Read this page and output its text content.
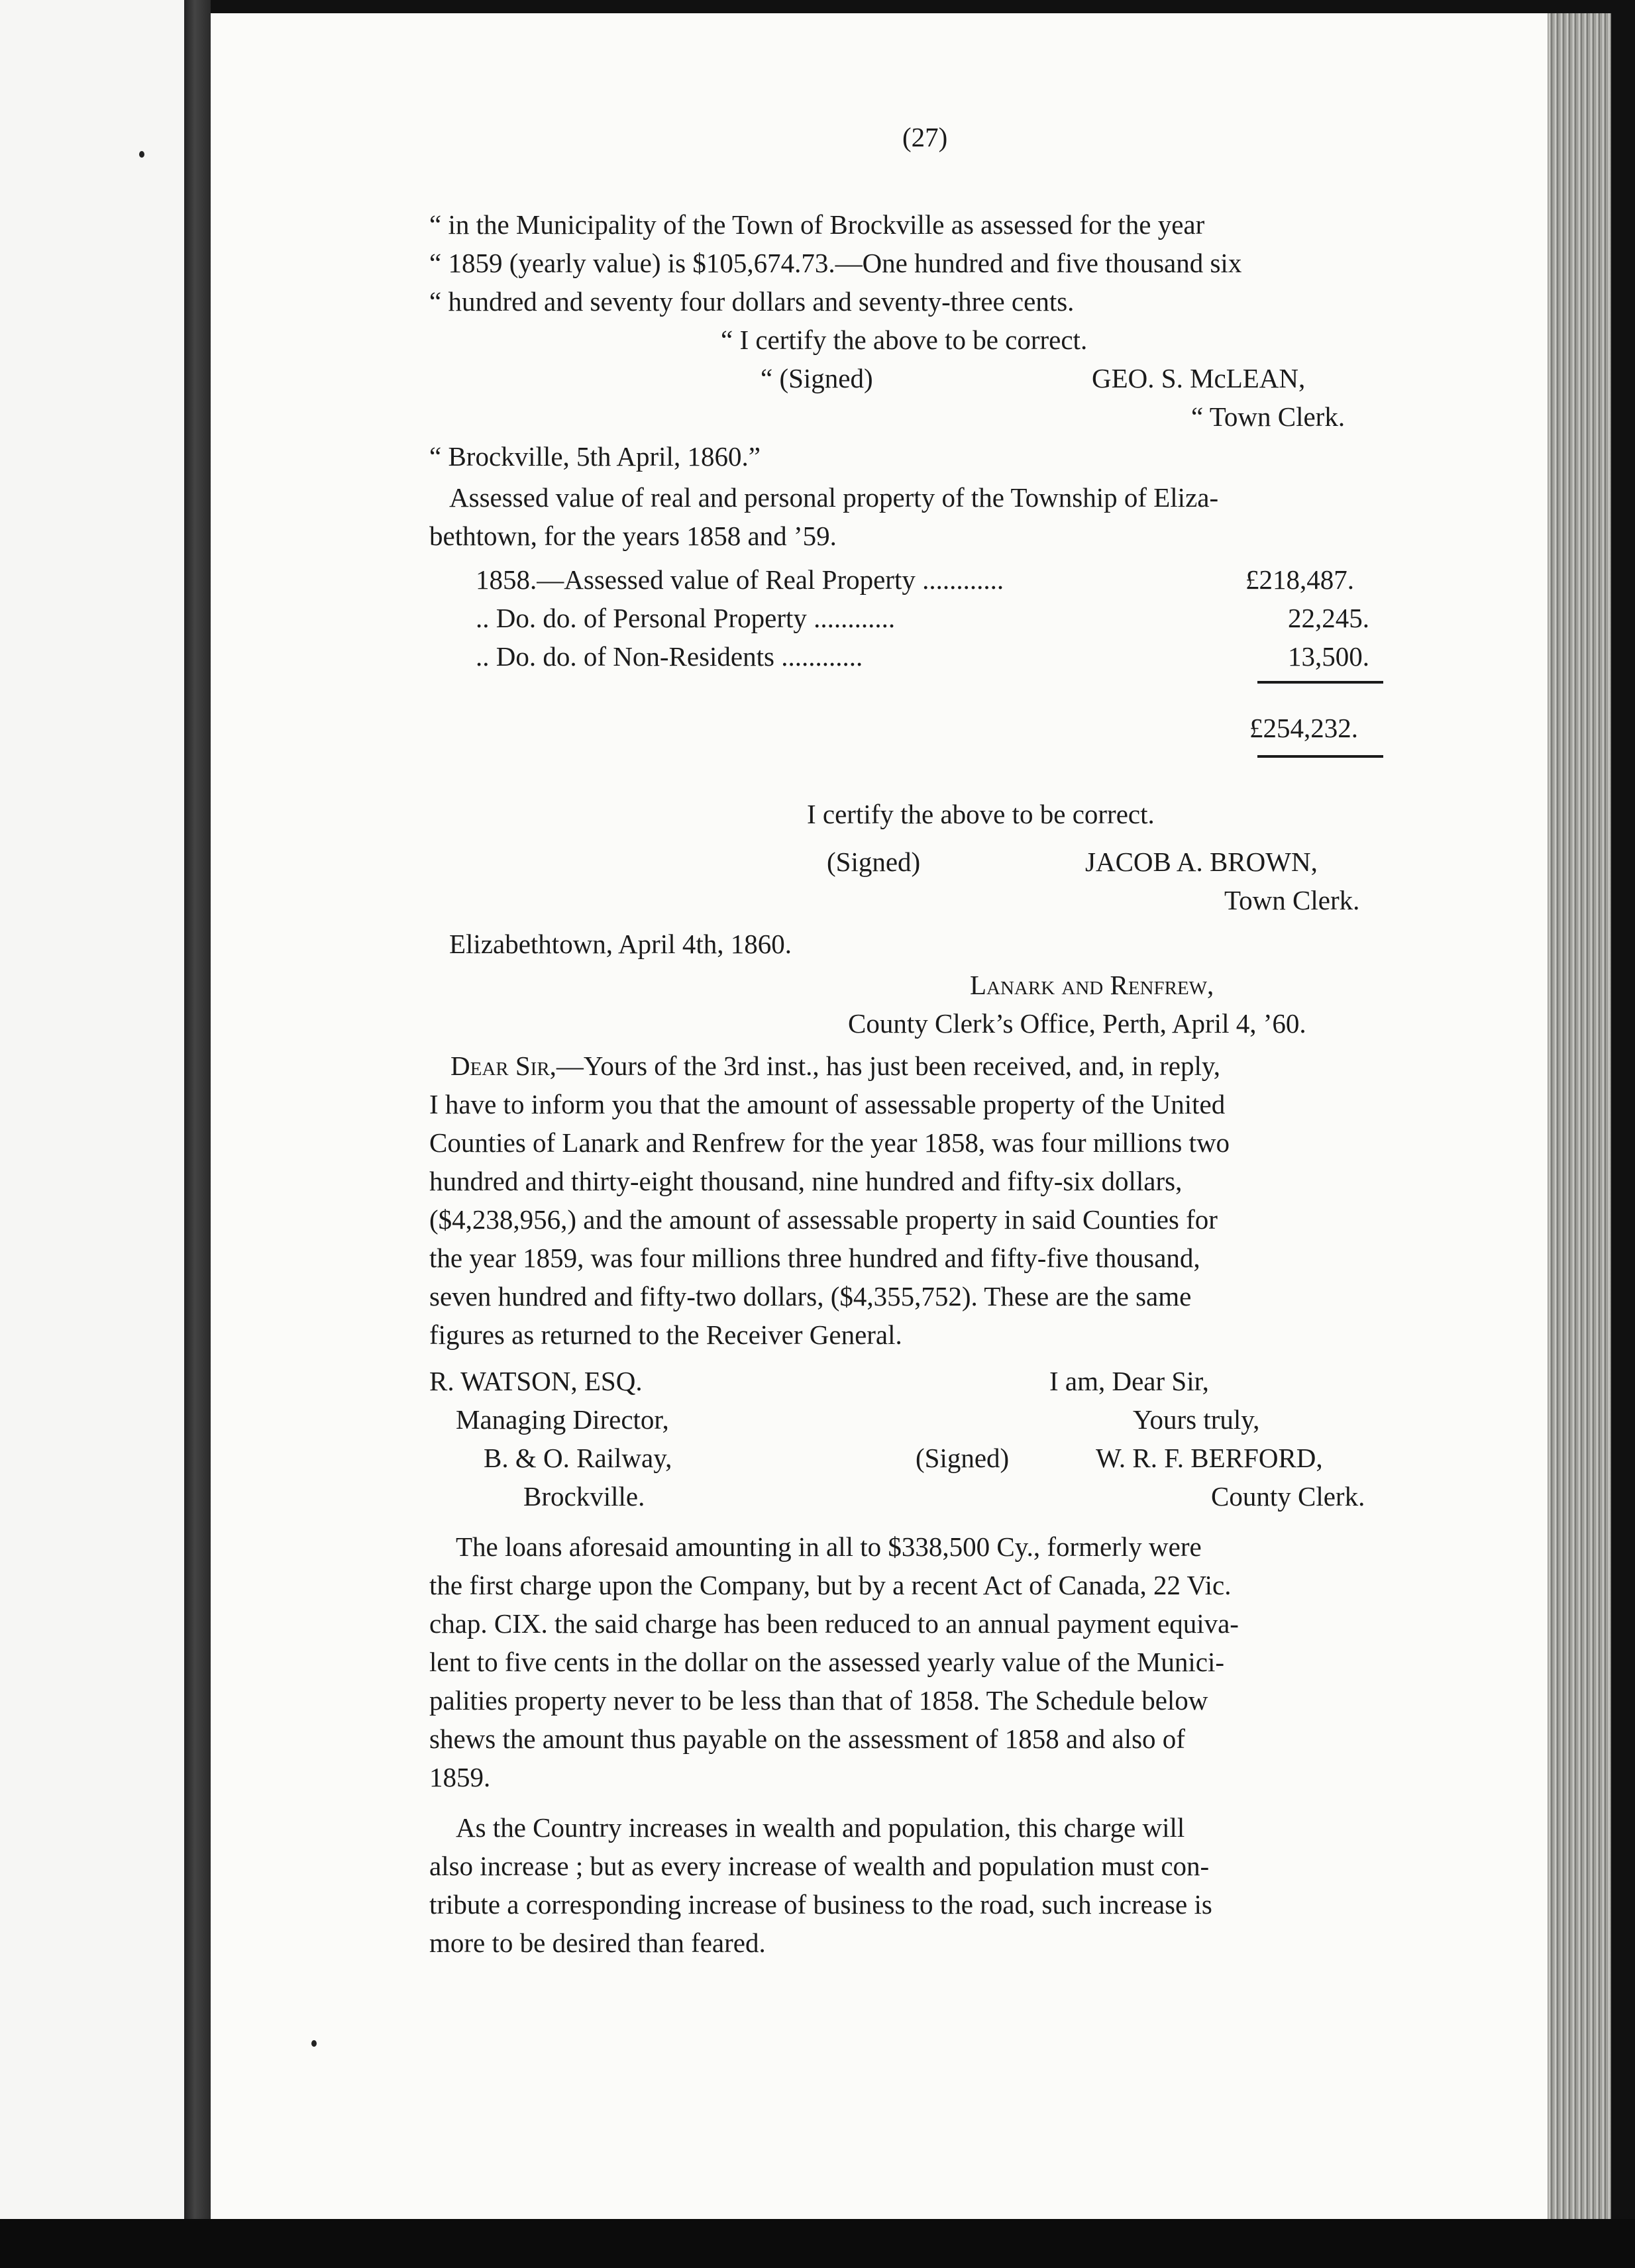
(27)
“ in the Municipality of the Town of Brockville as assessed for the year
“ 1859 (yearly value) is $105,674.73.—One hundred and five thousand six
“ hundred and seventy four dollars and seventy-three cents.
“ I certify the above to be correct.
“ (Signed)	GEO. S. McLEAN,
“ Town Clerk.
“ Brockville, 5th April, 1860.”
Assessed value of real and personal property of the Township of Eliza-
bethtown, for the years 1858 and ’59.
1858.—Assessed value of Real Property ............	£218,487.
.. Do. do. of Personal Property ............	22,245.
.. Do. do. of Non-Residents ............	13,500.
£254,232.
I certify the above to be correct.
(Signed)	JACOB A. BROWN,
Town Clerk.
Elizabethtown, April 4th, 1860.
Lanark and Renfrew,
County Clerk’s Office, Perth, April 4, ’60.
Dear Sir,—Yours of the 3rd inst., has just been received, and, in reply,
I have to inform you that the amount of assessable property of the United
Counties of Lanark and Renfrew for the year 1858, was four millions two
hundred and thirty-eight thousand, nine hundred and fifty-six dollars,
($4,238,956,) and the amount of assessable property in said Counties for
the year 1859, was four millions three hundred and fifty-five thousand,
seven hundred and fifty-two dollars, ($4,355,752). These are the same
figures as returned to the Receiver General.
R. WATSON, ESQ.
Managing Director,
B. & O. Railway,
Brockville.
I am, Dear Sir,
Yours truly,
(Signed)	W. R. F. BERFORD,
County Clerk.
The loans aforesaid amounting in all to $338,500 Cy., formerly were
the first charge upon the Company, but by a recent Act of Canada, 22 Vic.
chap. CIX. the said charge has been reduced to an annual payment equiva-
lent to five cents in the dollar on the assessed yearly value of the Munici-
palities property never to be less than that of 1858. The Schedule below
shews the amount thus payable on the assessment of 1858 and also of
1859.
As the Country increases in wealth and population, this charge will
also increase ; but as every increase of wealth and population must con-
tribute a corresponding increase of business to the road, such increase is
more to be desired than feared.
